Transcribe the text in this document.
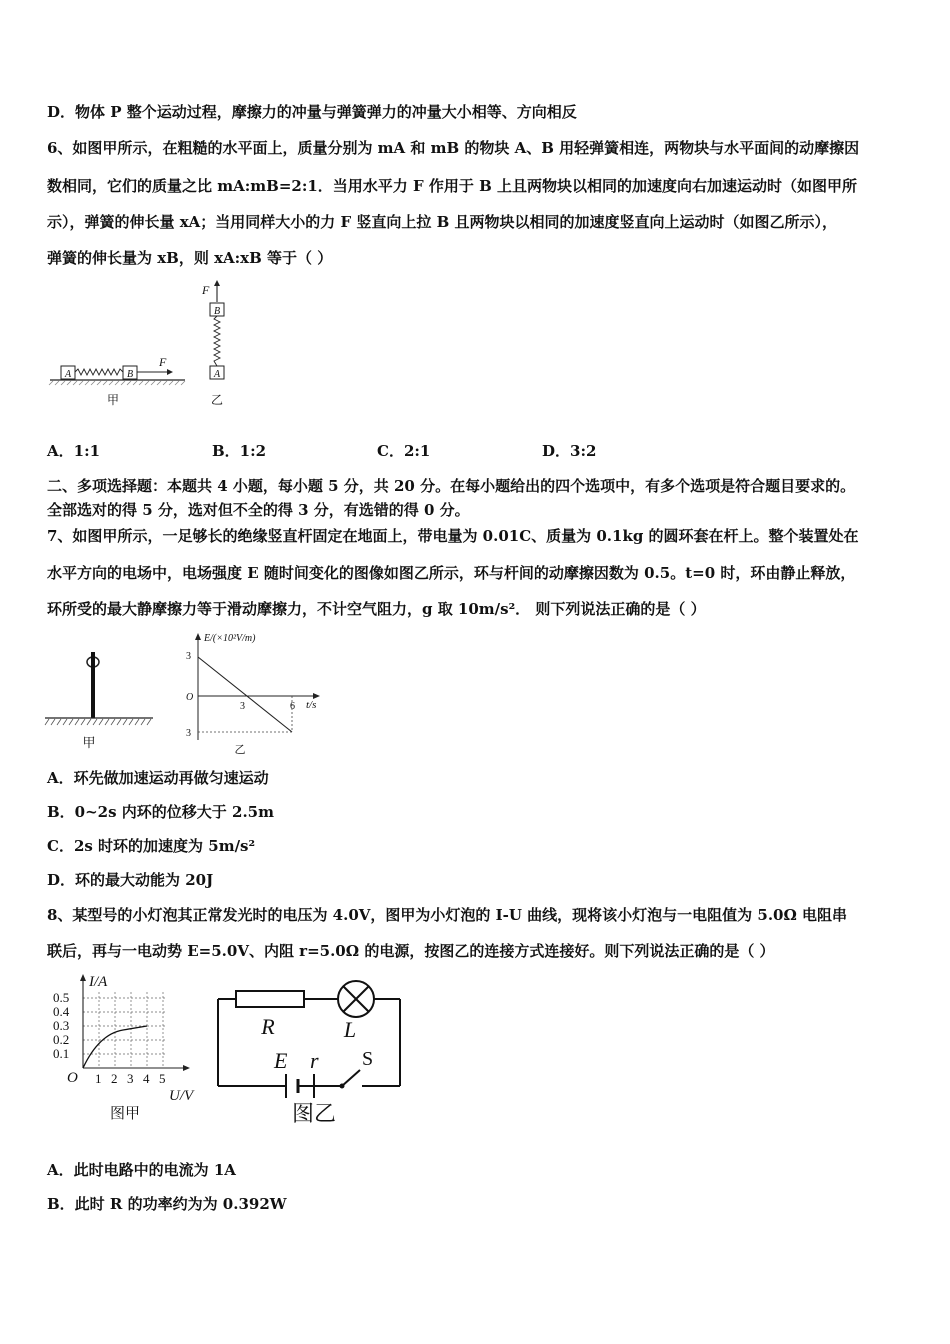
D．物体 P 整个运动过程，摩擦力的冲量与弹簧弹力的冲量大小相等、方向相反
6、如图甲所示，在粗糙的水平面上，质量分别为 mA 和 mB 的物块 A、B 用轻弹簧相连，两物块与水平面间的动摩擦因
数相同，它们的质量之比 mA:mB=2:1．当用水平力 F 作用于 B 上且两物块以相同的加速度向右加速运动时（如图甲所
示），弹簧的伸长量 xA；当用同样大小的力 F 竖直向上拉 B 且两物块以相同的加速度竖直向上运动时（如图乙所示），
弹簧的伸长量为 xB，则 xA:xB 等于（ ）
A	B
F
甲
F
B
A
乙
A．1:1	B．1:2	C．2:1	D．3:2
二、多项选择题：本题共 4 小题，每小题 5 分，共 20 分。在每小题给出的四个选项中，有多个选项是符合题目要求的。
全部选对的得 5 分，选对但不全的得 3 分，有选错的得 0 分。
7、如图甲所示，一足够长的绝缘竖直杆固定在地面上，带电量为 0.01C、质量为 0.1kg 的圆环套在杆上。整个装置处在
水平方向的电场中，电场强度 E 随时间变化的图像如图乙所示，环与杆间的动摩擦因数为 0.5。t=0 时，环由静止释放，
环所受的最大静摩擦力等于滑动摩擦力，不计空气阻力，g 取 10m/s²． 则下列说法正确的是（ ）
甲
E/(×10²V/m)
t/s
O
3
3
3	6
乙
A．环先做加速运动再做匀速运动
B．0~2s 内环的位移大于 2.5m
C．2s 时环的加速度为 5m/s²
D．环的最大动能为 20J
8、某型号的小灯泡其正常发光时的电压为 4.0V，图甲为小灯泡的 I-U 曲线，现将该小灯泡与一电阻值为 5.0Ω 电阻串
联后，再与一电动势 E=5.0V、内阻 r=5.0Ω 的电源，按图乙的连接方式连接好。则下列说法正确的是（ ）
I/A
0.5
0.4
0.3
0.2
0.1
O 1 2 3 4 5
U/V
图甲
R	L
E r S
图乙
A．此时电路中的电流为 1A
B．此时 R 的功率约为为 0.392W
